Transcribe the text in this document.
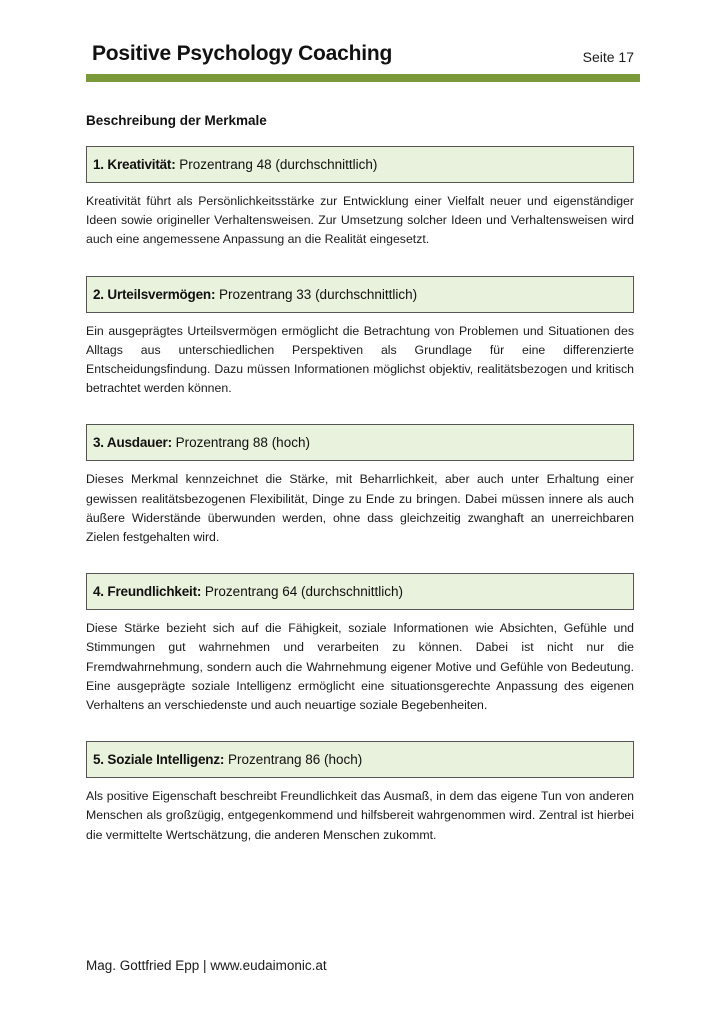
Positive Psychology Coaching	Seite 17
Beschreibung der Merkmale
1. Kreativität: Prozentrang 48 (durchschnittlich)

Kreativität führt als Persönlichkeitsstärke zur Entwicklung einer Vielfalt neuer und eigenständiger Ideen sowie origineller Verhaltensweisen. Zur Umsetzung solcher Ideen und Verhaltensweisen wird auch eine angemessene Anpassung an die Realität eingesetzt.

2. Urteilsvermögen: Prozentrang 33 (durchschnittlich)

Ein ausgeprägtes Urteilsvermögen ermöglicht die Betrachtung von Problemen und Situationen des Alltags aus unterschiedlichen Perspektiven als Grundlage für eine differenzierte Entscheidungsfindung. Dazu müssen Informationen möglichst objektiv, realitätsbezogen und kritisch betrachtet werden können.

3. Ausdauer: Prozentrang 88 (hoch)

Dieses Merkmal kennzeichnet die Stärke, mit Beharrlichkeit, aber auch unter Erhaltung einer gewissen realitätsbezogenen Flexibilität, Dinge zu Ende zu bringen. Dabei müssen innere als auch äußere Widerstände überwunden werden, ohne dass gleichzeitig zwanghaft an unerreichbaren Zielen festgehalten wird.

4. Freundlichkeit: Prozentrang 64 (durchschnittlich)

Diese Stärke bezieht sich auf die Fähigkeit, soziale Informationen wie Absichten, Gefühle und Stimmungen gut wahrnehmen und verarbeiten zu können. Dabei ist nicht nur die Fremdwahrnehmung, sondern auch die Wahrnehmung eigener Motive und Gefühle von Bedeutung. Eine ausgeprägte soziale Intelligenz ermöglicht eine situationsgerechte Anpassung des eigenen Verhaltens an verschiedenste und auch neuartige soziale Begebenheiten.

5. Soziale Intelligenz: Prozentrang 86 (hoch)

Als positive Eigenschaft beschreibt Freundlichkeit das Ausmaß, in dem das eigene Tun von anderen Menschen als großzügig, entgegenkommend und hilfsbereit wahrgenommen wird. Zentral ist hierbei die vermittelte Wertschätzung, die anderen Menschen zukommt.

Mag. Gottfried Epp | www.eudaimonic.at
